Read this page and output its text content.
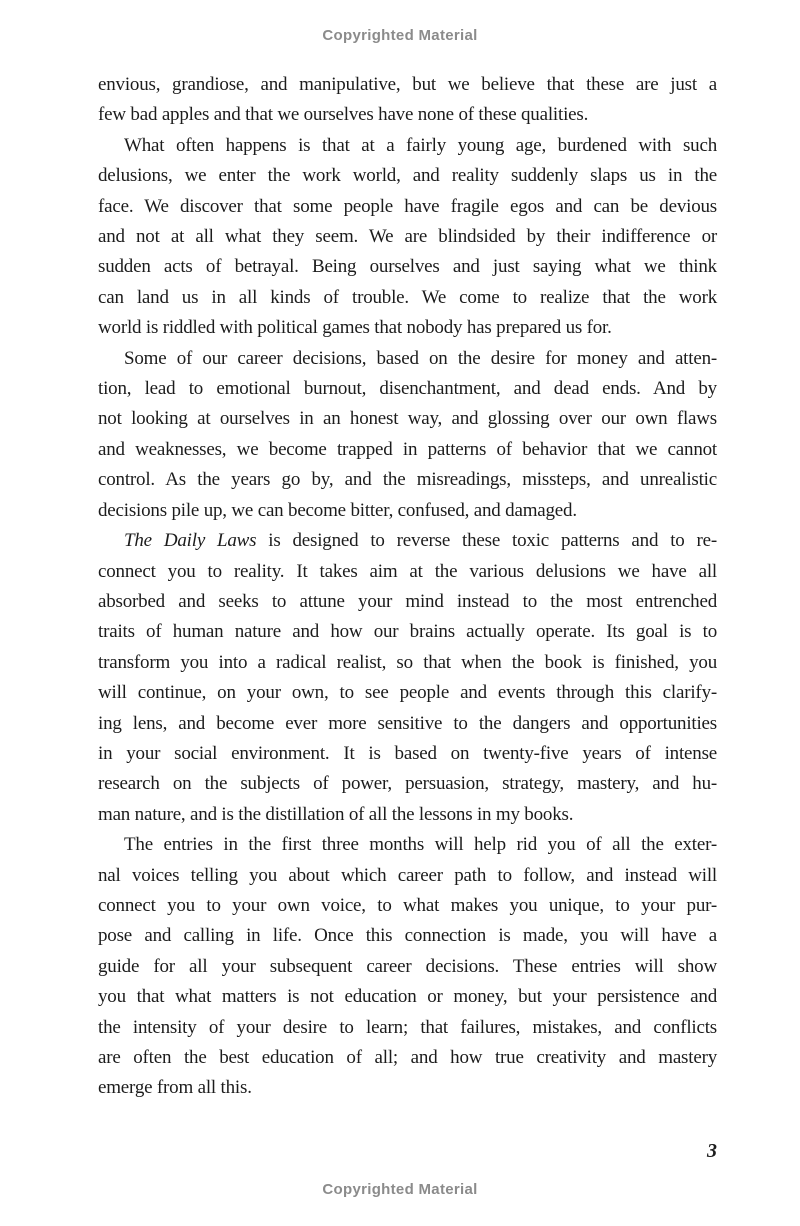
Copyrighted Material
envious, grandiose, and manipulative, but we believe that these are just a
few bad apples and that we ourselves have none of these qualities.
What often happens is that at a fairly young age, burdened with such
delusions, we enter the work world, and reality suddenly slaps us in the
face. We discover that some people have fragile egos and can be devious
and not at all what they seem. We are blindsided by their indifference or
sudden acts of betrayal. Being ourselves and just saying what we think
can land us in all kinds of trouble. We come to realize that the work
world is riddled with political games that nobody has prepared us for.
Some of our career decisions, based on the desire for money and atten-
tion, lead to emotional burnout, disenchantment, and dead ends. And by
not looking at ourselves in an honest way, and glossing over our own flaws
and weaknesses, we become trapped in patterns of behavior that we cannot
control. As the years go by, and the misreadings, missteps, and unrealistic
decisions pile up, we can become bitter, confused, and damaged.
The Daily Laws is designed to reverse these toxic patterns and to re-
connect you to reality. It takes aim at the various delusions we have all
absorbed and seeks to attune your mind instead to the most entrenched
traits of human nature and how our brains actually operate. Its goal is to
transform you into a radical realist, so that when the book is finished, you
will continue, on your own, to see people and events through this clarify-
ing lens, and become ever more sensitive to the dangers and opportunities
in your social environment. It is based on twenty-five years of intense
research on the subjects of power, persuasion, strategy, mastery, and hu-
man nature, and is the distillation of all the lessons in my books.
The entries in the first three months will help rid you of all the exter-
nal voices telling you about which career path to follow, and instead will
connect you to your own voice, to what makes you unique, to your pur-
pose and calling in life. Once this connection is made, you will have a
guide for all your subsequent career decisions. These entries will show
you that what matters is not education or money, but your persistence and
the intensity of your desire to learn; that failures, mistakes, and conflicts
are often the best education of all; and how true creativity and mastery
emerge from all this.
3
Copyrighted Material
